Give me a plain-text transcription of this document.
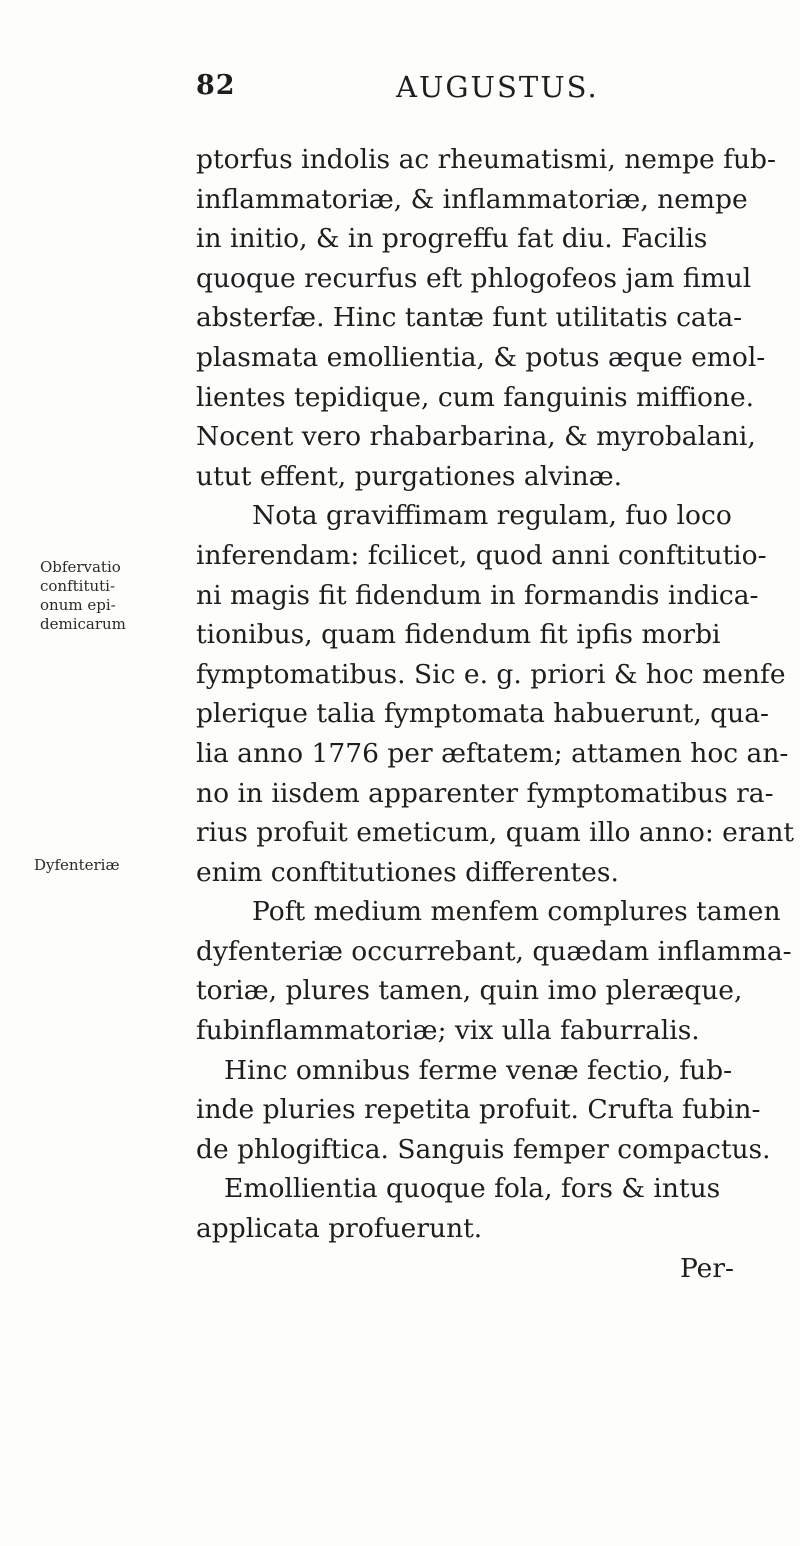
82	AUGUSTUS.
Obfervatio
conftituti-
onum epi-
demicarum
Dyfenteriæ
ptorfus indolis ac rheumatismi, nempe fub-
inflammatoriæ, & inflammatoriæ, nempe
in initio, & in progreffu fat diu. Facilis
quoque recurfus eft phlogofeos jam fimul
absterfæ. Hinc tantæ funt utilitatis cata-
plasmata emollientia, & potus æque emol-
lientes tepidique, cum fanguinis miffione.
Nocent vero rhabarbarina, & myrobalani,
utut effent, purgationes alvinæ.
Nota graviffimam regulam, fuo loco
inferendam: fcilicet, quod anni conftitutio-
ni magis fit fidendum in formandis indica-
tionibus, quam fidendum fit ipfis morbi
fymptomatibus. Sic e. g. priori & hoc menfe
plerique talia fymptomata habuerunt, qua-
lia anno 1776 per æftatem; attamen hoc an-
no in iisdem apparenter fymptomatibus ra-
rius profuit emeticum, quam illo anno: erant
enim conftitutiones differentes.
Poft medium menfem complures tamen
dyfenteriæ occurrebant, quædam inflamma-
toriæ, plures tamen, quin imo pleræque,
fubinflammatoriæ; vix ulla faburralis.
Hinc omnibus ferme venæ fectio, fub-
inde pluries repetita profuit. Crufta fubin-
de phlogiftica. Sanguis femper compactus.
Emollientia quoque fola, fors & intus
applicata profuerunt.
Per-
